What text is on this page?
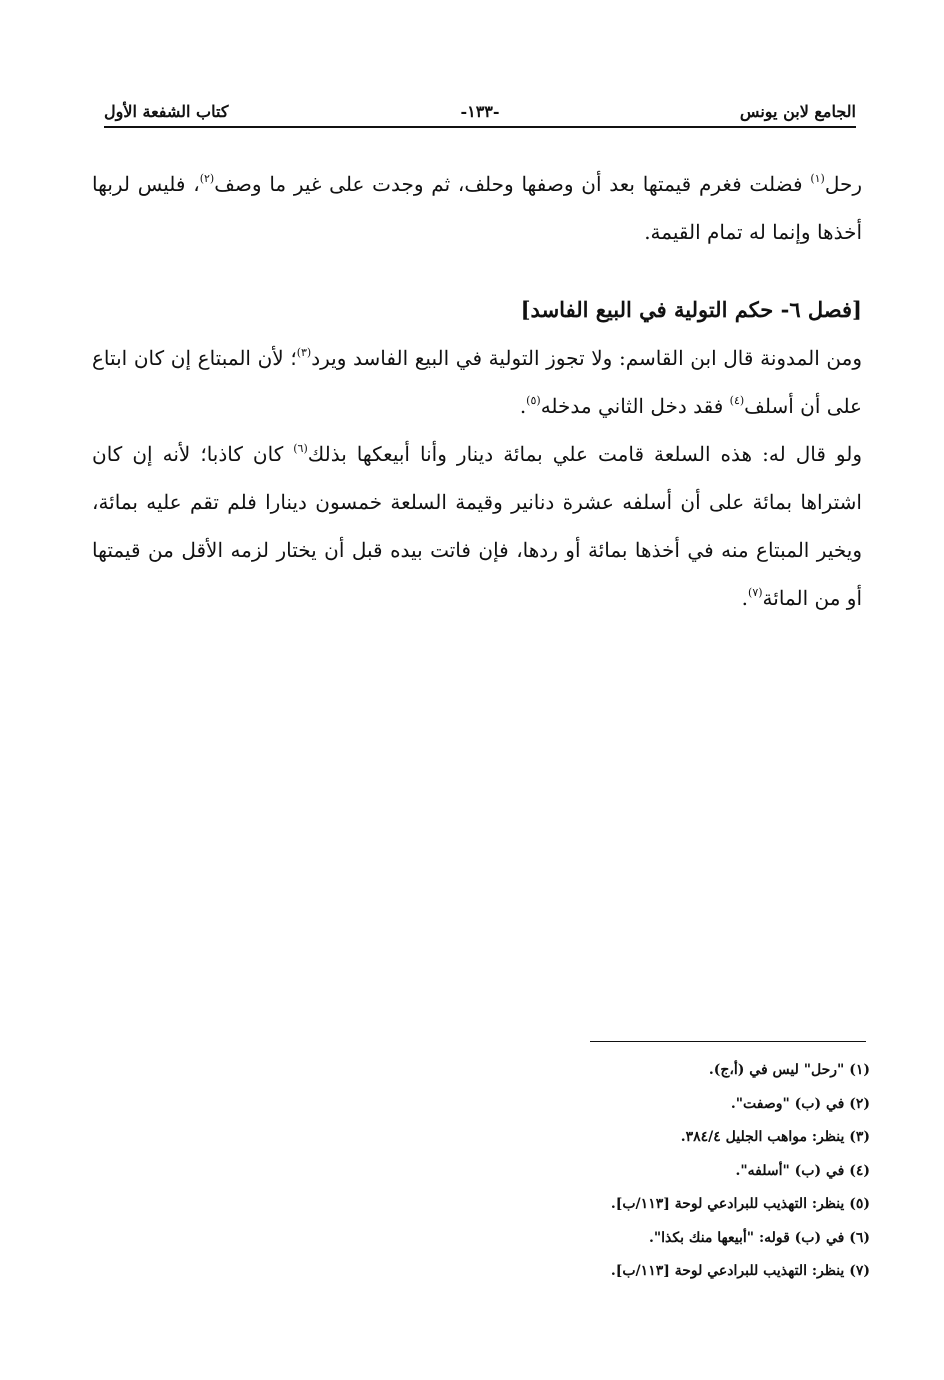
الجامع لابن يونس
-١٣٣-
كتاب الشفعة الأول

رحل$^{(١)}$ فضلت فغرم قيمتها بعد أن وصفها وحلف، ثم وجدت على غير ما وصف$^{(٢)}$، فليس لربها أخذها وإنما له تمام القيمة.

[فصل ٦- حكم التولية في البيع الفاسد]

ومن المدونة قال ابن القاسم: ولا تجوز التولية في البيع الفاسد ويرد$^{(٣)}$؛ لأن المبتاع إن كان ابتاع على أن أسلف$^{(٤)}$ فقد دخل الثاني مدخله$^{(٥)}$.

ولو قال له: هذه السلعة قامت علي بمائة دينار وأنا أبيعكها بذلك$^{(٦)}$ كان كاذبا؛ لأنه إن كان اشتراها بمائة على أن أسلفه عشرة دنانير وقيمة السلعة خمسون دينارا فلم تقم عليه بمائة، ويخير المبتاع منه في أخذها بمائة أو ردها، فإن فاتت بيده قبل أن يختار لزمه الأقل من قيمتها أو من المائة$^{(٧)}$.

(١) "رحل" ليس في (أ،ج).
(٢) في (ب) "وصفت".
(٣) ينظر: مواهب الجليل ٣٨٤/٤.
(٤) في (ب) "أسلفه".
(٥) ينظر: التهذيب للبرادعي لوحة [١١٣/ب].
(٦) في (ب) قوله: "أبيعها منك بكذا".
(٧) ينظر: التهذيب للبرادعي لوحة [١١٣/ب].
